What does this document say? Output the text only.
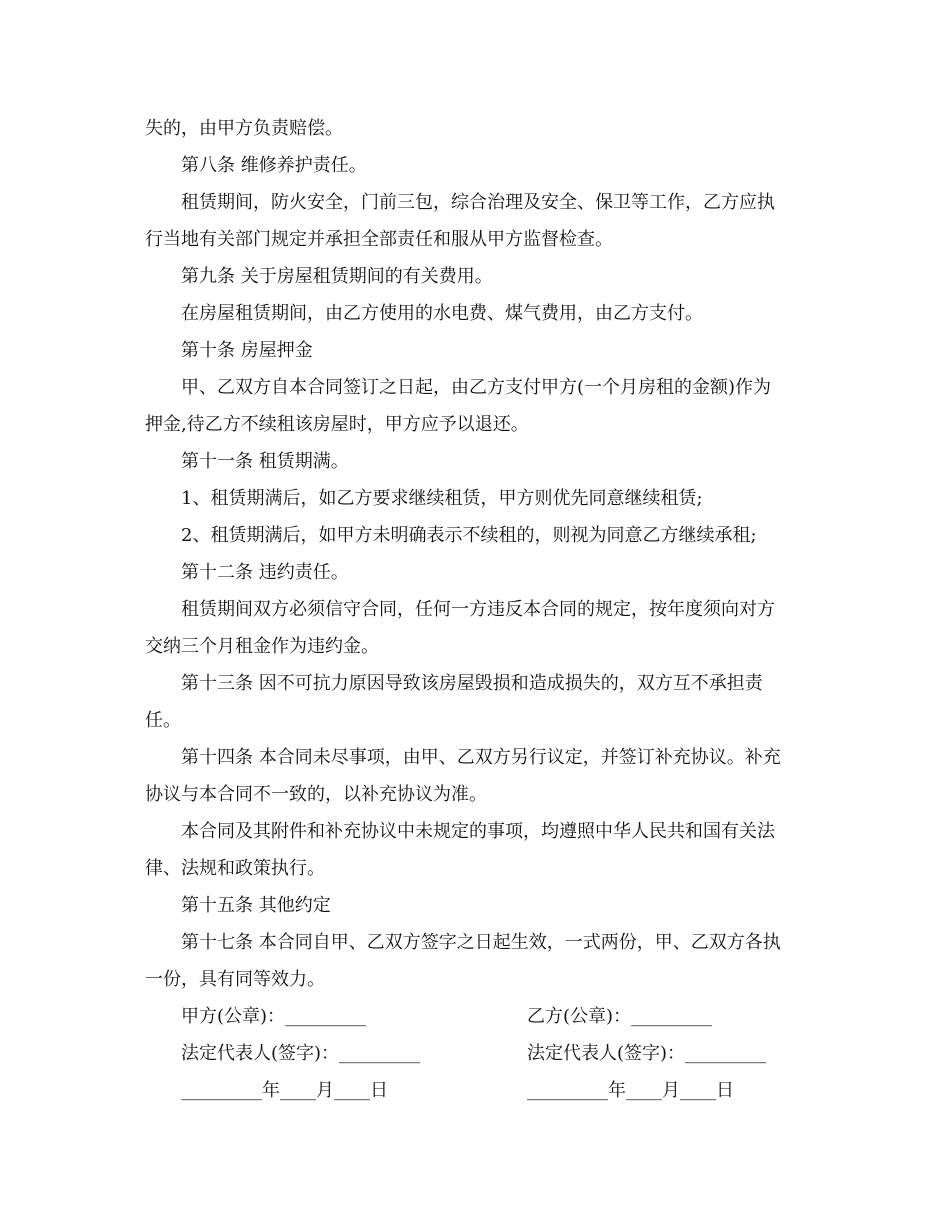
失的，由甲方负责赔偿。
第八条 维修养护责任。
租赁期间，防火安全，门前三包，综合治理及安全、保卫等工作，乙方应执
行当地有关部门规定并承担全部责任和服从甲方监督检查。
第九条 关于房屋租赁期间的有关费用。
在房屋租赁期间，由乙方使用的水电费、煤气费用，由乙方支付。
第十条 房屋押金
甲、乙双方自本合同签订之日起，由乙方支付甲方(一个月房租的金额)作为
押金,待乙方不续租该房屋时，甲方应予以退还。
第十一条 租赁期满。
1、租赁期满后，如乙方要求继续租赁，甲方则优先同意继续租赁;
2、租赁期满后，如甲方未明确表示不续租的，则视为同意乙方继续承租;
第十二条 违约责任。
租赁期间双方必须信守合同，任何一方违反本合同的规定，按年度须向对方
交纳三个月租金作为违约金。
第十三条 因不可抗力原因导致该房屋毁损和造成损失的，双方互不承担责
任。
第十四条 本合同未尽事项，由甲、乙双方另行议定，并签订补充协议。补充
协议与本合同不一致的，以补充协议为准。
本合同及其附件和补充协议中未规定的事项，均遵照中华人民共和国有关法
律、法规和政策执行。
第十五条 其他约定
第十七条 本合同自甲、乙双方签字之日起生效，一式两份，甲、乙双方各执
一份，具有同等效力。
甲方(公章)：_________	乙方(公章)：_________
法定代表人(签字)：_________	法定代表人(签字)：_________
_________年____月____日	_________年____月____日
